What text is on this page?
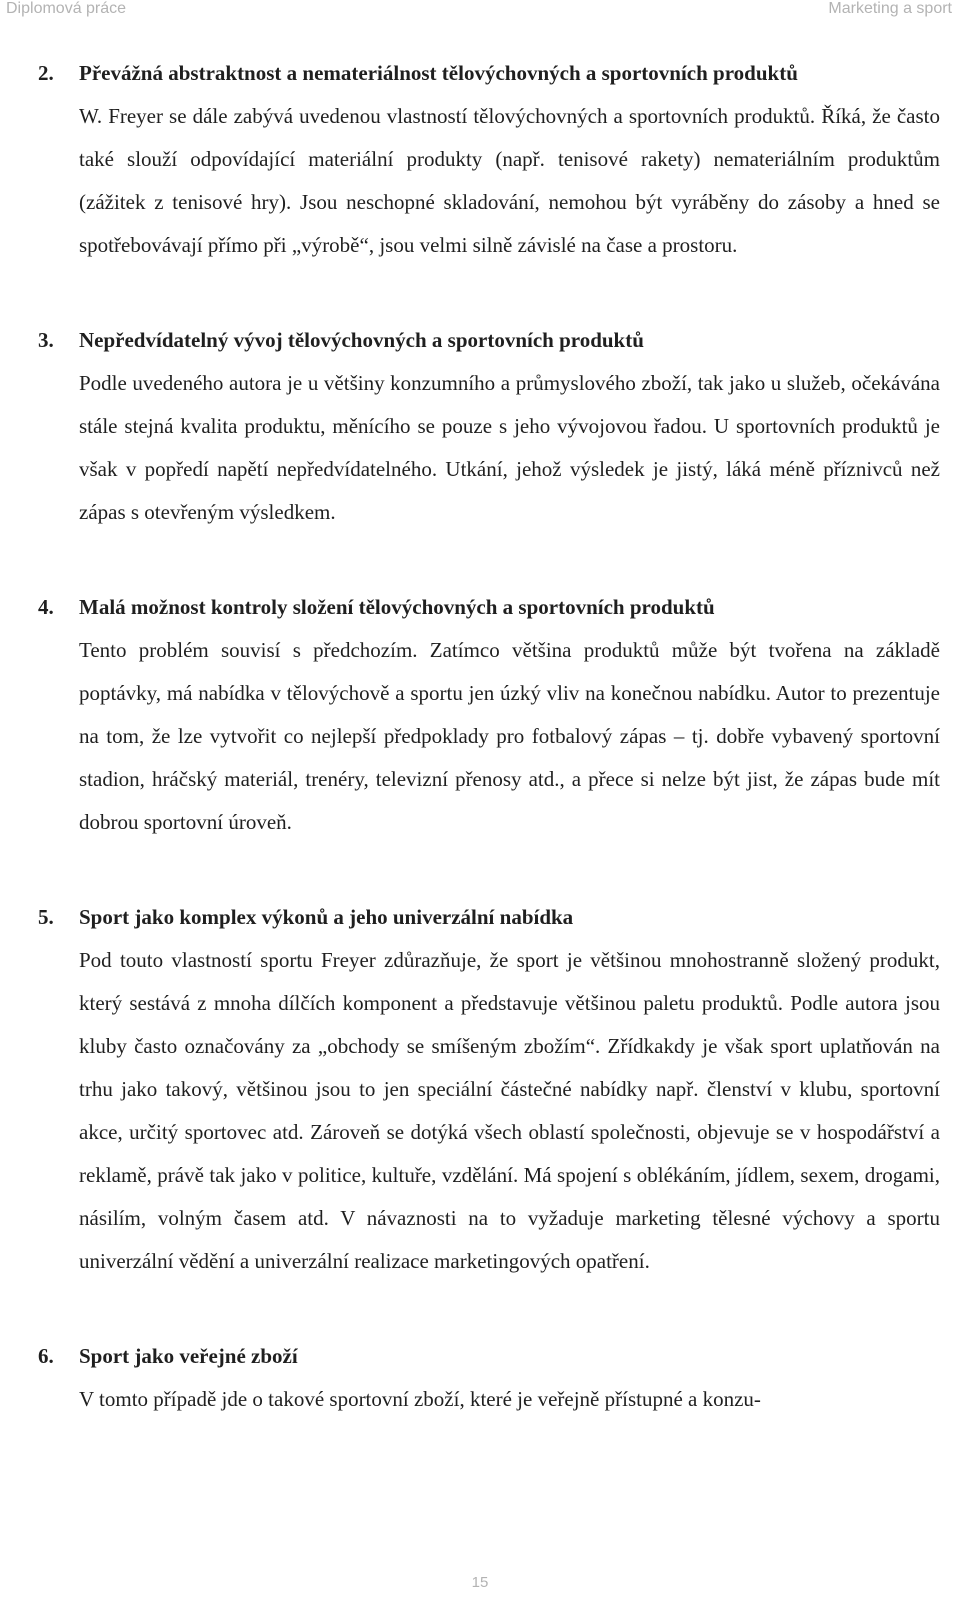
Diplomová práce	Marketing a sport
2. Převážná abstraktnost a nemateriálnost tělovýchovných a sportovních produktů
W. Freyer se dále zabývá uvedenou vlastností tělovýchovných a sportovních produktů. Říká, že často také slouží odpovídající materiální produkty (např. tenisové rakety) nemateriálním produktům (zážitek z tenisové hry). Jsou neschopné skladování, nemohou být vyráběny do zásoby a hned se spotřebovávají přímo při „výrobě“, jsou velmi silně závislé na čase a prostoru.
3. Nepředvídatelný vývoj tělovýchovných a sportovních produktů
Podle uvedeného autora je u většiny konzumního a průmyslového zboží, tak jako u služeb, očekávána stále stejná kvalita produktu, měnícího se pouze s jeho vývojovou řadou. U sportovních produktů je však v popředí napětí nepředvídatelného. Utkání, jehož výsledek je jistý, láká méně příznivců než zápas s otevřeným výsledkem.
4. Malá možnost kontroly složení tělovýchovných a sportovních produktů
Tento problém souvisí s předchozím. Zatímco většina produktů může být tvořena na základě poptávky, má nabídka v tělovýchově a sportu jen úzký vliv na konečnou nabídku. Autor to prezentuje na tom, že lze vytvořit co nejlepší předpoklady pro fotbalový zápas – tj. dobře vybavený sportovní stadion, hráčský materiál, trenéry, televizní přenosy atd., a přece si nelze být jist, že zápas bude mít dobrou sportovní úroveň.
5. Sport jako komplex výkonů a jeho univerzální nabídka
Pod touto vlastností sportu Freyer zdůrazňuje, že sport je většinou mnohostranně složený produkt, který sestává z mnoha dílčích komponent a představuje většinou paletu produktů. Podle autora jsou kluby často označovány za „obchody se smíšeným zbožím“. Zřídkakdy je však sport uplatňován na trhu jako takový, většinou jsou to jen speciální částečné nabídky např. členství v klubu, sportovní akce, určitý sportovec atd. Zároveň se dotýká všech oblastí společnosti, objevuje se v hospodářství a reklamě, právě tak jako v politice, kultuře, vzdělání. Má spojení s oblékáním, jídlem, sexem, drogami, násilím, volným časem atd. V návaznosti na to vyžaduje marketing tělesné výchovy a sportu univerzální vědění a univerzální realizace marketingových opatření.
6. Sport jako veřejné zboží
V tomto případě jde o takové sportovní zboží, které je veřejně přístupné a konzu-
15
